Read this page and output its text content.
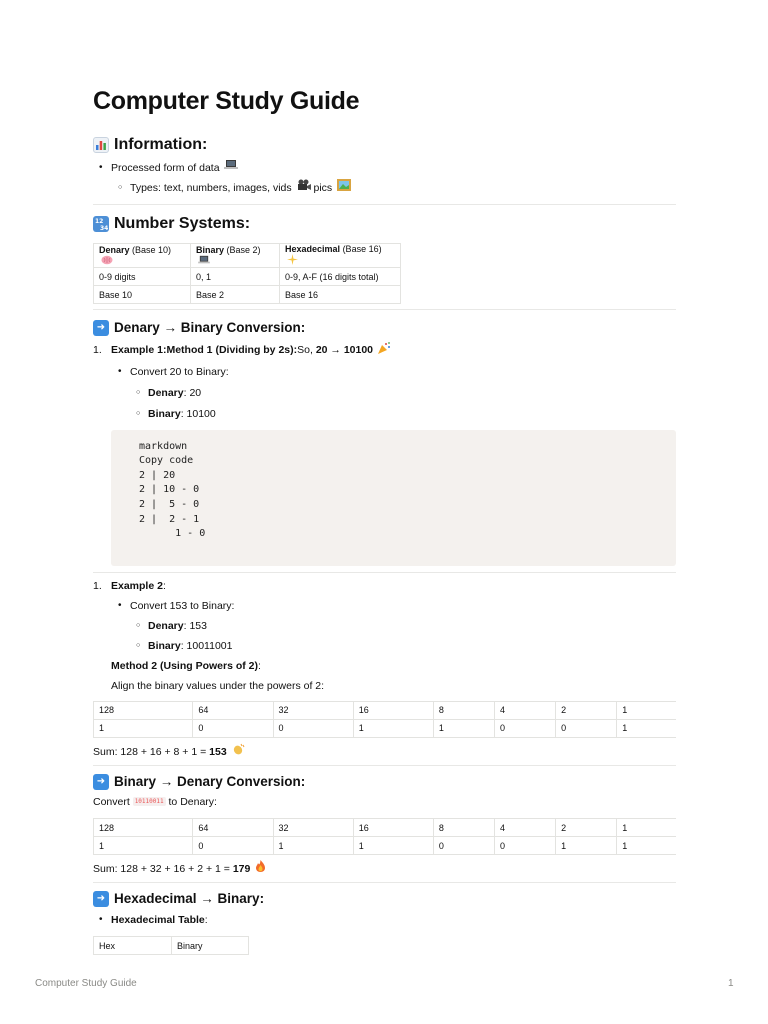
Computer Study Guide
Information:
• Processed form of data
○ Types: text, numbers, images, vids pics
12
34 Number Systems:
Denary (Base 10)	Binary (Base 2)	Hexadecimal (Base 16)
0-9 digits	0, 1	0-9, A-F (16 digits total)
Base 10	Base 2	Base 16
➜ Denary → Binary Conversion:
1. Example 1:Method 1 (Dividing by 2s):So, 20 → 10100
• Convert 20 to Binary:
○ Denary: 20
○ Binary: 10100
markdown
Copy code
2 | 20
2 | 10 - 0
2 |  5 - 0
2 |  2 - 1
1 - 0
1. Example 2:
• Convert 153 to Binary:
○ Denary: 153
○ Binary: 10011001
Method 2 (Using Powers of 2):
Align the binary values under the powers of 2:
128	64	32	16	8	4	2	1
1	0	0	1	1	0	0	1
Sum: 128 + 16 + 8 + 1 = 153
➜ Binary → Denary Conversion:
Convert 10110011 to Denary:
128	64	32	16	8	4	2	1
1	0	1	1	0	0	1	1
Sum: 128 + 32 + 16 + 2 + 1 = 179
➜ Hexadecimal → Binary:
• Hexadecimal Table:
Hex	Binary
Computer Study Guide	1
